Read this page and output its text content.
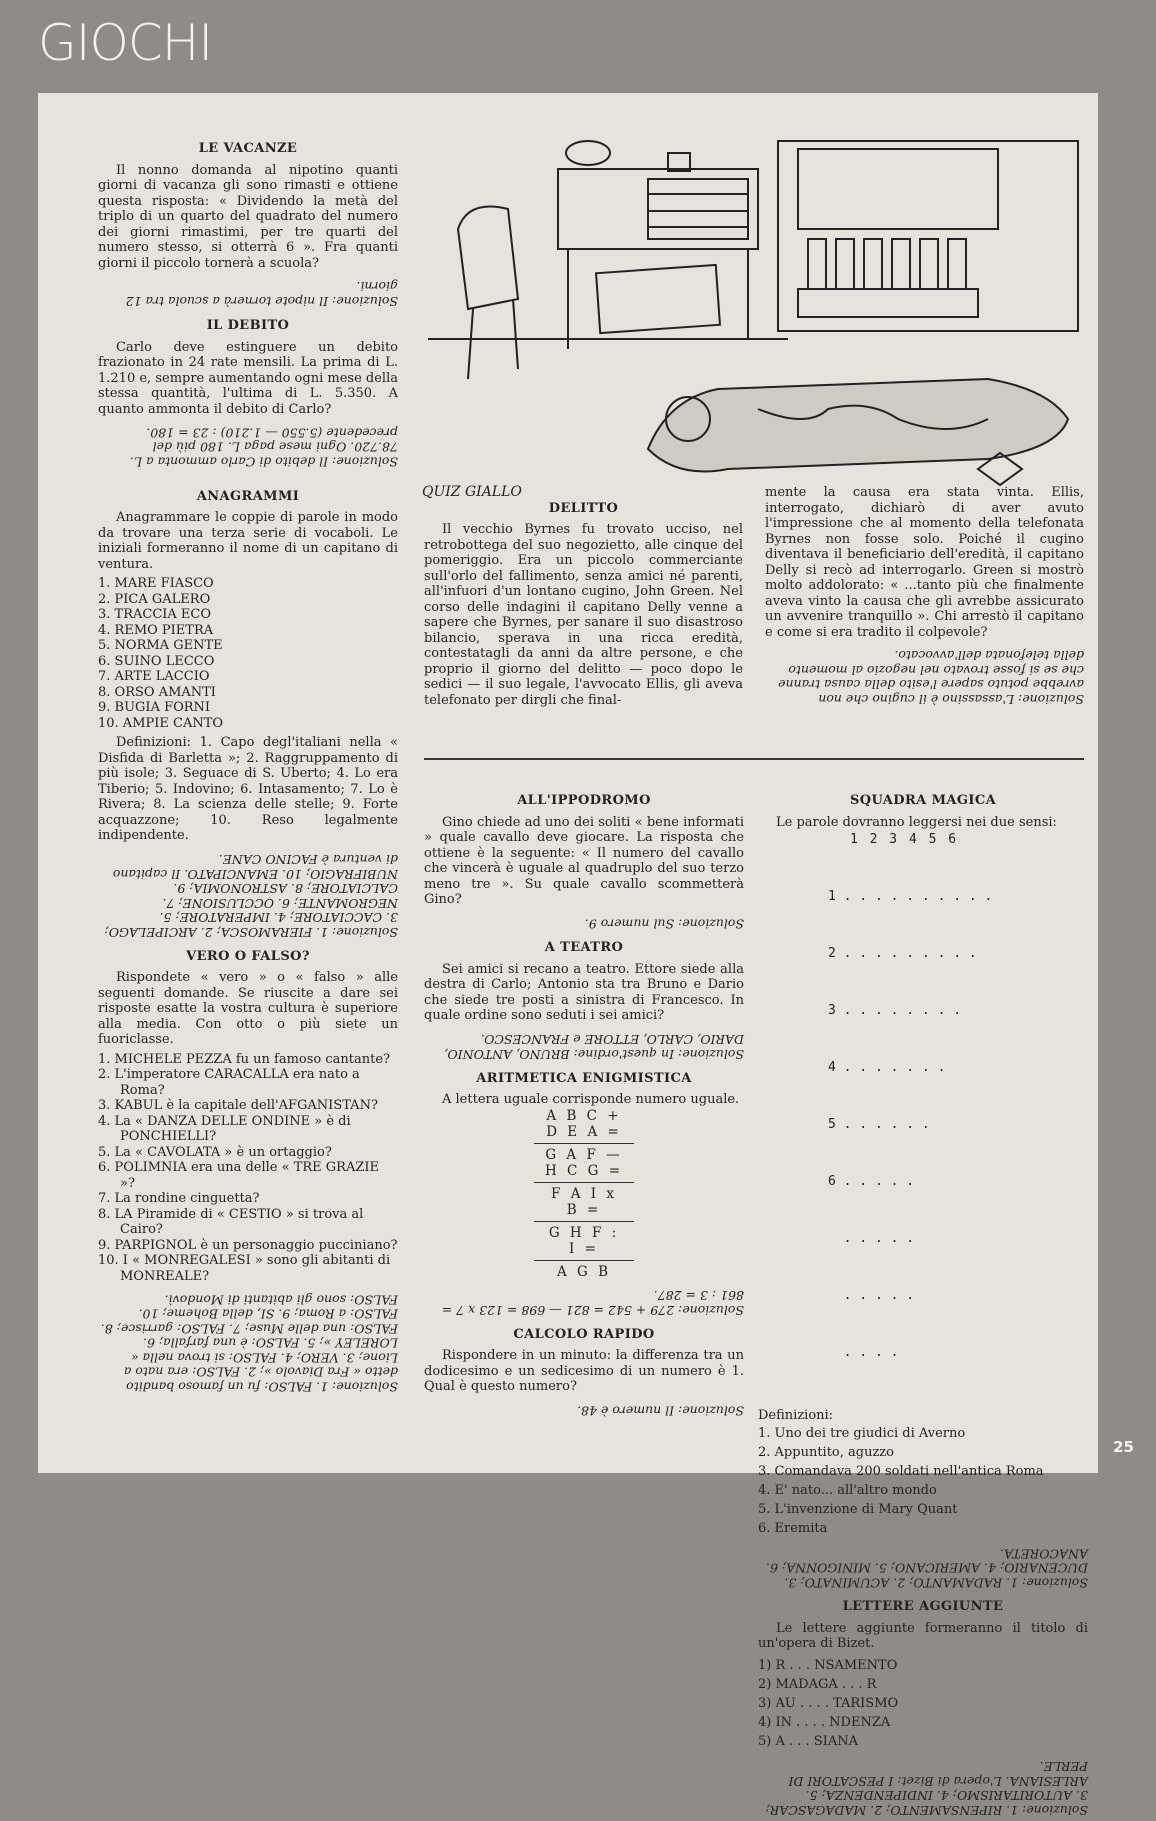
GIOCHI
LE VACANZE

Il nonno domanda al nipotino quanti giorni di vacanza gli sono rimasti e ottiene questa risposta: « Dividendo la metà del triplo di un quarto del quadrato del numero dei giorni rimastimi, per tre quarti del numero stesso, si otterrà 6 ». Fra quanti giorni il piccolo tornerà a scuola?

Soluzione: Il nipote tornerà a scuola tra 12 giorni.
IL DEBITO

Carlo deve estinguere un debito frazionato in 24 rate mensili. La prima di L. 1.210 e, sempre aumentando ogni mese della stessa quantità, l'ultima di L. 5.350. A quanto ammonta il debito di Carlo?

Soluzione: Il debito di Carlo ammonta a L. 78.720. Ogni mese paga L. 180 più del precedente (5.550 — 1.210) : 23 = 180.
ANAGRAMMI

Anagrammare le coppie di parole in modo da trovare una terza serie di vocaboli. Le iniziali formeranno il nome di un capitano di ventura.

1. MARE FIASCO
2. PICA GALERO
3. TRACCIA ECO
4. REMO PIETRA
5. NORMA GENTE
6. SUINO LECCO
7. ARTE LACCIO
8. ORSO AMANTI
9. BUGIA FORNI
10. AMPIE CANTO

Definizioni: 1. Capo degl'italiani nella « Disfida di Barletta »; 2. Raggruppamento di più isole; 3. Seguace di S. Uberto; 4. Lo era Tiberio; 5. Indovino; 6. Intasamento; 7. Lo è Rivera; 8. La scienza delle stelle; 9. Forte acquazzone; 10. Reso legalmente indipendente.

Soluzione: 1. FIERAMOSCA; 2. ARCIPELAGO; 3. CACCIATORE; 4. IMPERATORE; 5. NEGROMANTE; 6. OCCLUSIONE; 7. CALCIATORE; 8. ASTRONOMIA; 9. NUBIFRAGIO; 10. EMANCIPATO. Il capitano di ventura è FACINO CANE.
VERO O FALSO?

Rispondete « vero » o « falso » alle seguenti domande. Se riuscite a dare sei risposte esatte la vostra cultura è superiore alla media. Con otto o più siete un fuoriclasse.

1. MICHELE PEZZA fu un famoso cantante?
2. L'imperatore CARACALLA era nato a Roma?
3. KABUL è la capitale dell'AFGANISTAN?
4. La « DANZA DELLE ONDINE » è di PONCHIELLI?
5. La « CAVOLATA » è un ortaggio?
6. POLIMNIA era una delle « TRE GRAZIE »?
7. La rondine cinguetta?
8. LA Piramide di « CESTIO » si trova al Cairo?
9. PARPIGNOL è un personaggio pucciniano?
10. I « MONREGALESI » sono gli abitanti di MONREALE?
Soluzione: 1. FALSO: fu un famoso bandito detto « Fra Diavolo »; 2. FALSO: era nato a Lione; 3. VERO; 4. FALSO: si trova nella « LORELEY »; 5. FALSO: è una farfalla; 6. FALSO: una delle Muse; 7. FALSO: garrisce; 8. FALSO: a Roma; 9. SI, della Boheme; 10. FALSO: sono gli abitanti di Mondovì.
QUIZ GIALLO
DELITTO

Il vecchio Byrnes fu trovato ucciso, nel retrobottega del suo negozietto, alle cinque del pomeriggio. Era un piccolo commerciante sull'orlo del fallimento, senza amici né parenti, all'infuori d'un lontano cugino, John Green. Nel corso delle indagini il capitano Delly venne a sapere che Byrnes, per sanare il suo disastroso bilancio, sperava in una ricca eredità, contestatagli da anni da altre persone, e che proprio il giorno del delitto — poco dopo le sedici — il suo legale, l'avvocato Ellis, gli aveva telefonato per dirgli che final-

mente la causa era stata vinta. Ellis, interrogato, dichiarò di aver avuto l'impressione che al momento della telefonata Byrnes non fosse solo. Poiché il cugino diventava il beneficiario dell'eredità, il capitano Delly si recò ad interrogarlo. Green si mostrò molto addolorato: « ...tanto più che finalmente aveva vinto la causa che gli avrebbe assicurato un avvenire tranquillo ». Chi arrestò il capitano e come si era tradito il colpevole?

Soluzione: L'assassino è il cugino che non avrebbe potuto sapere l'esito della causa tranne che se si fosse trovato nel negozio al momento della telefonata dell'avvocato.
ALL'IPPODROMO

Gino chiede ad uno dei soliti « bene informati » quale cavallo deve giocare. La risposta che ottiene è la seguente: « Il numero del cavallo che vincerà è uguale al quadruplo del suo terzo meno tre ». Su quale cavallo scommetterà Gino?

Soluzione: Sul numero 9.
A TEATRO

Sei amici si recano a teatro. Ettore siede alla destra di Carlo; Antonio sta tra Bruno e Dario che siede tre posti a sinistra di Francesco. In quale ordine sono seduti i sei amici?

Soluzione: In quest'ordine: BRUNO, ANTONIO, DARIO, CARLO, ETTORE e FRANCESCO.
ARITMETICA ENIGMISTICA

A lettera uguale corrisponde numero uguale.

A B C +
D E A =
G A F —
H C G =
F A I x
B =
G H F :
I =
A G B
Soluzione: 279 + 542 = 821 — 698 = 123 x 7 = 861 : 3 = 287.
CALCOLO RAPIDO

Rispondere in un minuto: la differenza tra un dodicesimo e un sedicesimo di un numero è 1. Qual è questo numero?

Soluzione: Il numero è 48.
SQUADRA MAGICA

Le parole dovranno leggersi nei due sensi:

1 2 3 4 5 6

1 . . . . . . . . . .

2 . . . . . . . . .

3 . . . . . . . .

4 . . . . . . .

5 . . . . . .

6 . . . . .

. . . . .

. . . . .

. . . .

Definizioni:
1. Uno dei tre giudici di Averno
2. Appuntito, aguzzo
3. Comandava 200 soldati nell'antica Roma
4. E' nato... all'altro mondo
5. L'invenzione di Mary Quant
6. Eremita
Soluzione: 1. RADAMANTO; 2. ACUMINATO; 3. DUCENARIO; 4. AMERICANO; 5. MINIGONNA; 6. ANACORETA.
LETTERE AGGIUNTE

Le lettere aggiunte formeranno il titolo di un'opera di Bizet.

1) R . . . NSAMENTO
2) MADAGA . . . R
3) AU . . . . TARISMO
4) IN . . . . NDENZA
5) A . . . SIANA
Soluzione: 1. RIPENSAMENTO; 2. MADAGASCAR; 3. AUTORITARISMO; 4. INDIPENDENZA; 5. ARLESIANA. L'opera di Bizet: I PESCATORI DI PERLE.
25
